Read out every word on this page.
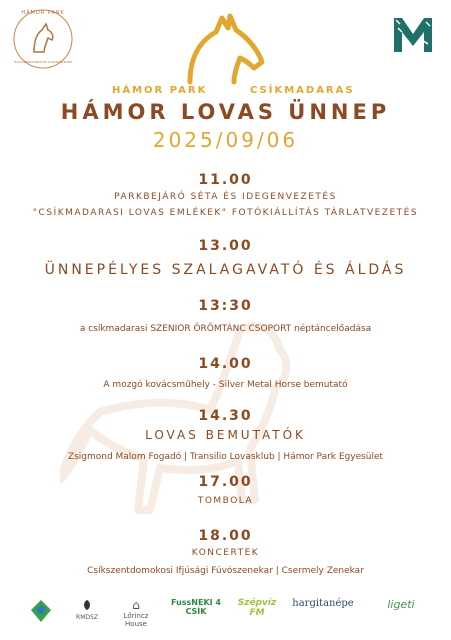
HÁMOR PARK
HAGYOMÁNYŐRZŐ ÉS LOVASKÖZPONT
HÁMOR PARK	CSÍKMADARAS
HÁMOR LOVAS ÜNNEP
2025/09/06
11.00
PARKBEJÁRÓ SÉTA ÉS IDEGENVEZETÉS
"CSÍKMADARASI LOVAS EMLÉKEK" FOTÓKIÁLLÍTÁS TÁRLATVEZETÉS
13.00
ÜNNEPÉLYES SZALAGAVATÓ ÉS ÁLDÁS
13:30
a csíkmadarasi SZENIOR ÖRÖMTÁNC CSOPORT néptáncelőadása
14.00
A mozgó kovácsműhely - Silver Metal Horse bemutató
14.30
LOVAS BEMUTATÓK
Zsigmond Malom Fogadó | Transilio Lovasklub | Hámor Park Egyesület
17.00
TOMBOLA
18.00
KONCERTEK
Csíkszentdomokosi Ifjúsági Fúvószenekar | Csermely Zenekar
RMDSZ
⌂
Lőrincz House
FussNEKI 4 CSÍK
Szépvíz FM
hargitanépe	ligeti
